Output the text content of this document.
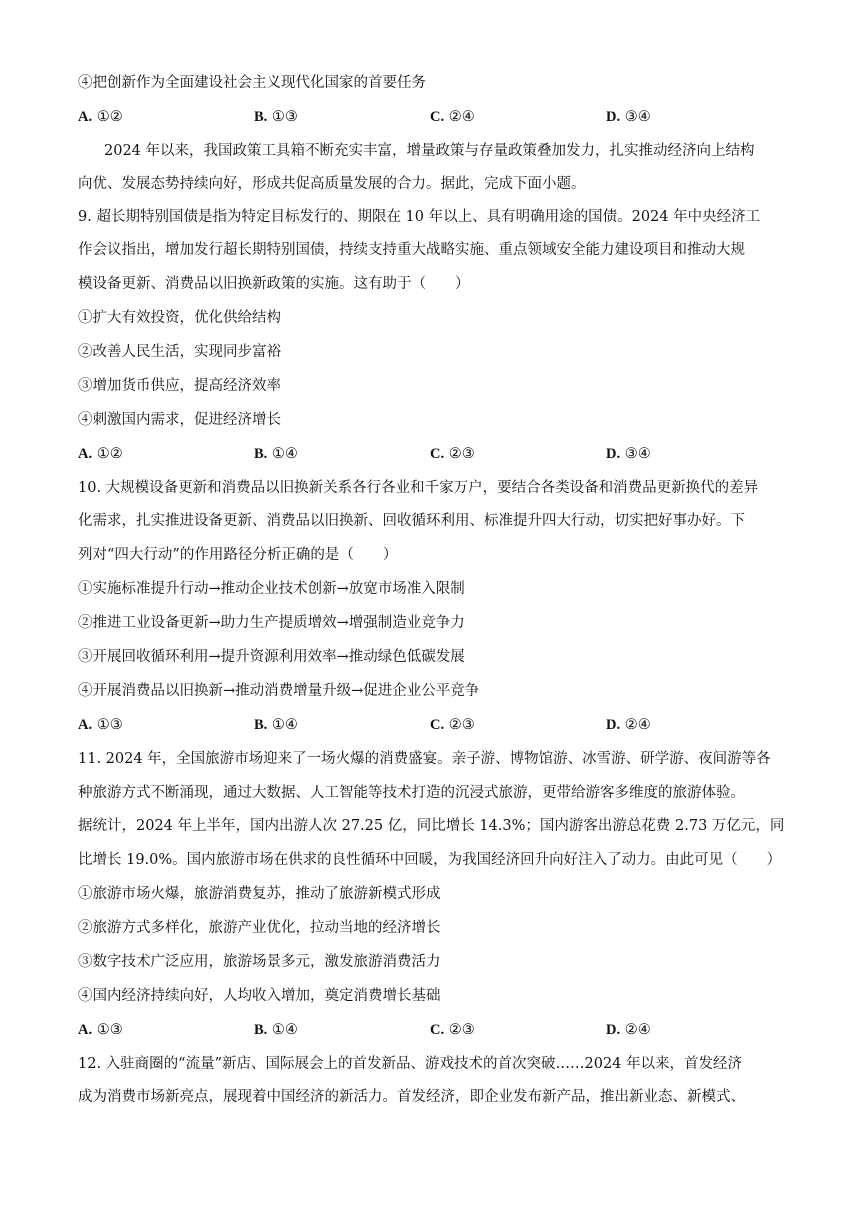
④把创新作为全面建设社会主义现代化国家的首要任务
A. ①②	B. ①③	C. ②④	D. ③④
2024 年以来，我国政策工具箱不断充实丰富，增量政策与存量政策叠加发力，扎实推动经济向上结构
向优、发展态势持续向好，形成共促高质量发展的合力。据此，完成下面小题。
9. 超长期特别国债是指为特定目标发行的、期限在 10 年以上、具有明确用途的国债。2024 年中央经济工
作会议指出，增加发行超长期特别国债，持续支持重大战略实施、重点领域安全能力建设项目和推动大规
模设备更新、消费品以旧换新政策的实施。这有助于（　　）
①扩大有效投资，优化供给结构
②改善人民生活，实现同步富裕
③增加货币供应，提高经济效率
④刺激国内需求，促进经济增长
A. ①②	B. ①④	C. ②③	D. ③④
10. 大规模设备更新和消费品以旧换新关系各行各业和千家万户，要结合各类设备和消费品更新换代的差异
化需求，扎实推进设备更新、消费品以旧换新、回收循环利用、标准提升四大行动，切实把好事办好。下
列对“四大行动”的作用路径分析正确的是（　　）
①实施标准提升行动→推动企业技术创新→放宽市场准入限制
②推进工业设备更新→助力生产提质增效→增强制造业竞争力
③开展回收循环利用→提升资源利用效率→推动绿色低碳发展
④开展消费品以旧换新→推动消费增量升级→促进企业公平竞争
A. ①③	B. ①④	C. ②③	D. ②④
11. 2024 年，全国旅游市场迎来了一场火爆的消费盛宴。亲子游、博物馆游、冰雪游、研学游、夜间游等各
种旅游方式不断涌现，通过大数据、人工智能等技术打造的沉浸式旅游，更带给游客多维度的旅游体验。
据统计，2024 年上半年，国内出游人次 27.25 亿，同比增长 14.3%；国内游客出游总花费 2.73 万亿元，同
比增长 19.0%。国内旅游市场在供求的良性循环中回暖，为我国经济回升向好注入了动力。由此可见（　　）
①旅游市场火爆，旅游消费复苏，推动了旅游新模式形成
②旅游方式多样化，旅游产业优化，拉动当地的经济增长
③数字技术广泛应用，旅游场景多元，激发旅游消费活力
④国内经济持续向好，人均收入增加，奠定消费增长基础
A. ①③	B. ①④	C. ②③	D. ②④
12. 入驻商圈的“流量”新店、国际展会上的首发新品、游戏技术的首次突破……2024 年以来，首发经济
成为消费市场新亮点，展现着中国经济的新活力。首发经济，即企业发布新产品，推出新业态、新模式、
